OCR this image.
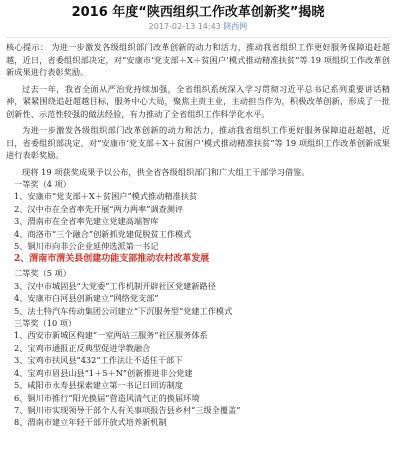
2016 年度“陕西组织工作改革创新奖”揭晓
2017-02-13 14:43 陕西网

核心提示： 为进一步激发各级组织部门改革创新的动力和活力，推动我省组织工作更好服务保障追赶超越，近日，省委组织部决定，对“安康市‘党支部＋X＋贫困户’模式推动精准扶贫”等 19 项组织工作改革创新成果进行表彰奖励。

过去一年，我省全面从严治党持续加强，全省组织系统深入学习贯彻习近平总书记系列重要讲话精神，紧紧围绕追赶超越目标，服务中心大局，聚焦主责主业，主动担当作为，积极改革创新，形成了一批创新性、示范性较强的做法经验，有力推动了全省组织工作科学化水平。

为进一步激发各级组织部门改革创新的动力和活力，推动我省组织工作更好服务保障追赶超越，近日，省委组织部决定，对“安康市‘党支部＋X＋贫困户’模式推动精准扶贫”等 19 项组织工作改革创新成果进行表彰奖励。

现将 19 项获奖成果予以公布，供全省各级组织部门和广大组工干部学习借鉴。

一等奖（4 项）
1、安康市“党支部＋X＋贫困户”模式推动精准扶贫
2、汉中市在全省率先开展“两力两率”调查测评
3、渭南市在全省率先建立党建高端智库
4、商洛市“三个融合”创新抓党建促脱贫工作模式
5、铜川市向非公企业延伸选派第一书记
2、渭南市渭关县创建功能支部推动农村改革发展
二等奖（5 项）
3、汉中市城固县“大党委”工作机制开辟社区党建新路径
4、安康市白河县创新建立“网络党支部”
5、法士特汽车传动集团公司建立“下沉服务型”党建工作模式
三等奖（10 项）
1、西安市新城区构建“一室两站三服务”社区服务体系
2、宝鸡市通报正反典型促进学教融合
3、宝鸡市扶风县“432”工作法让不适任干部下
4、宝鸡市眉县山县“1＋5＋N”创新推进非公党建
5、咸阳市永寿县探索建立第一书记日回访制度
6、铜川市推行“阳光换届”营造风清气正的换届环境
7、铜川市实现领导干部个人有关事项报告县乡村“三级全覆盖”
8、渭南市建立年轻干部开放式培养新机制
